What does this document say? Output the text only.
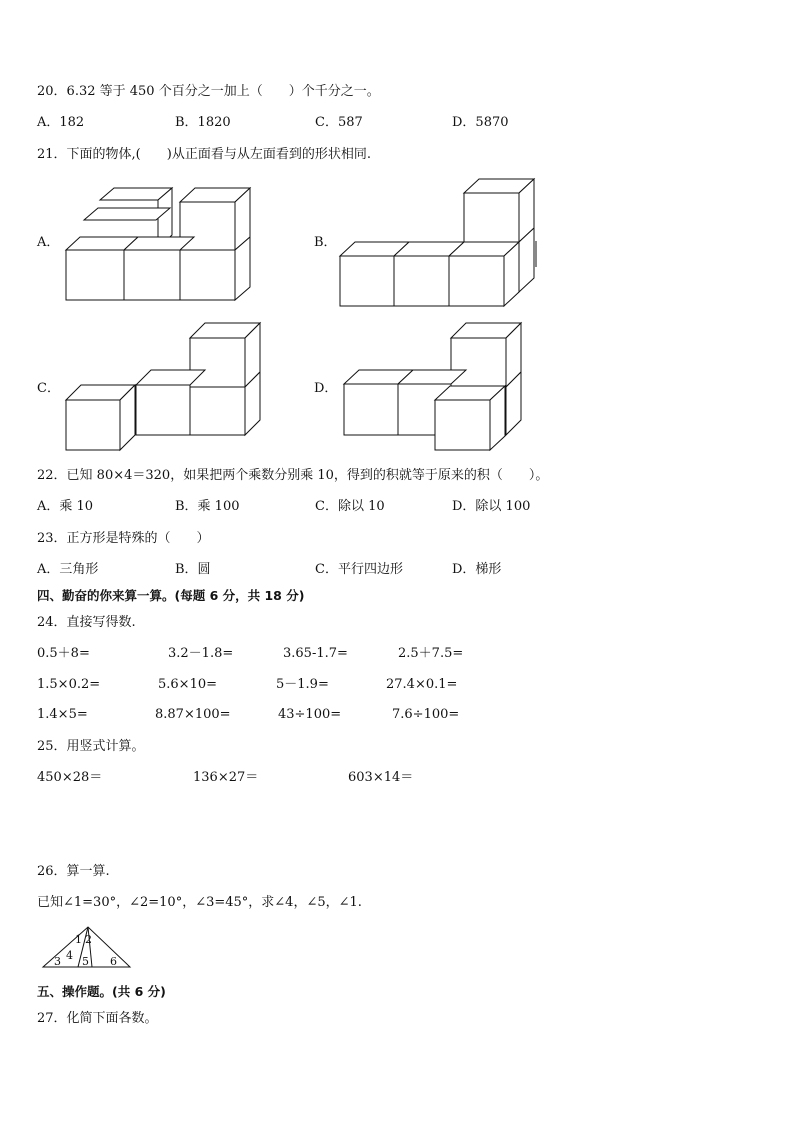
20．6.32 等于 450 个百分之一加上（　　）个千分之一。
A．182	B．1820	C．587	D．5870
21．下面的物体,(　　)从正面看与从左面看到的形状相同.
A．	B．
C．	D．
22．已知 80×4＝320，如果把两个乘数分别乘 10，得到的积就等于原来的积（　　）。
A．乘 10	B．乘 100	C．除以 10	D．除以 100
23．正方形是特殊的（　　）
A．三角形	B．圆	C．平行四边形	D．梯形
四、勤奋的你来算一算。(每题 6 分，共 18 分)
24．直接写得数.
0.5＋8=	3.2－1.8=	3.65-1.7=	2.5＋7.5=
1.5×0.2=	5.6×10=	5－1.9=	27.4×0.1=
1.4×5=	8.87×100=	43÷100=	7.6÷100=
25．用竖式计算。
450×28＝	136×27＝	603×14＝
26．算一算.
已知∠1=30°，∠2=10°，∠3=45°，求∠4，∠5，∠1.
1 2
3 4 5 6
五、操作题。(共 6 分)
27．化简下面各数。
